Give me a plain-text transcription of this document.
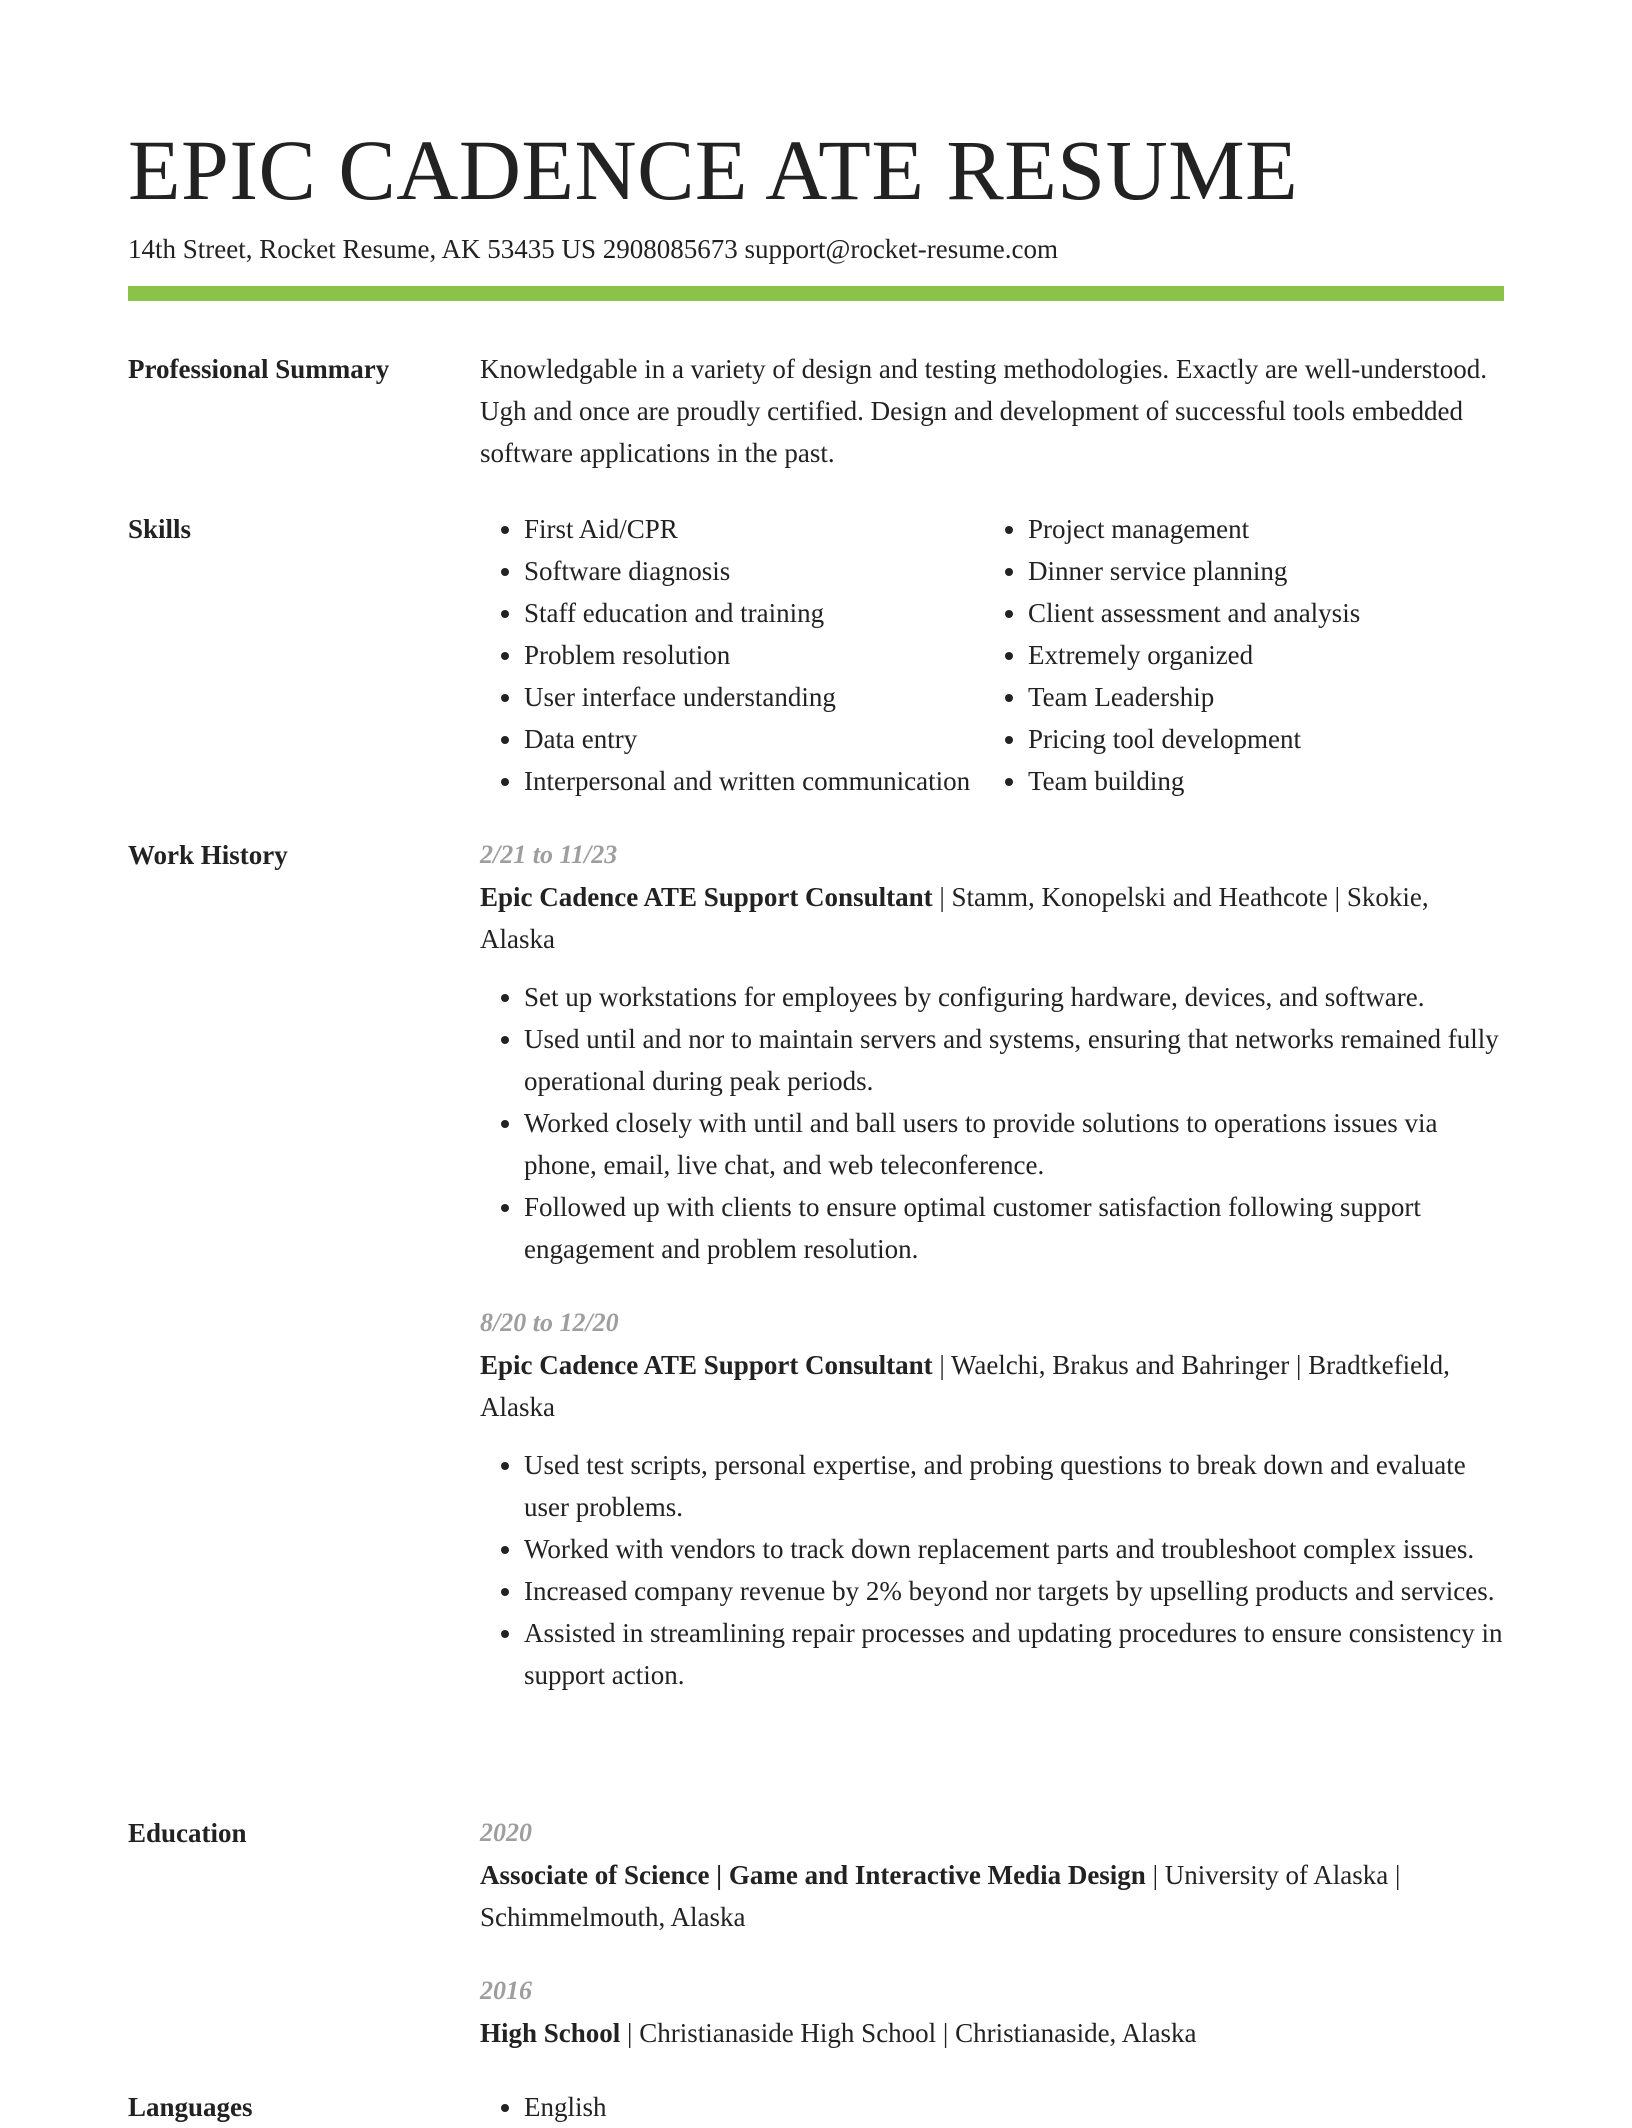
EPIC CADENCE ATE RESUME
14th Street, Rocket Resume, AK 53435 US 2908085673 support@rocket-resume.com
Professional Summary	Knowledgable in a variety of design and testing methodologies. Exactly are well-understood. Ugh and once are proudly certified. Design and development of successful tools embedded software applications in the past.
Skills	• First Aid/CPR
• Software diagnosis
• Staff education and training
• Problem resolution
• User interface understanding
• Data entry
• Interpersonal and written communication
• Project management
• Dinner service planning
• Client assessment and analysis
• Extremely organized
• Team Leadership
• Pricing tool development
• Team building
Work History	2/21 to 11/23
Epic Cadence ATE Support Consultant | Stamm, Konopelski and Heathcote | Skokie, Alaska
• Set up workstations for employees by configuring hardware, devices, and software.
• Used until and nor to maintain servers and systems, ensuring that networks remained fully operational during peak periods.
• Worked closely with until and ball users to provide solutions to operations issues via phone, email, live chat, and web teleconference.
• Followed up with clients to ensure optimal customer satisfaction following support engagement and problem resolution.
8/20 to 12/20
Epic Cadence ATE Support Consultant | Waelchi, Brakus and Bahringer | Bradtkefield, Alaska
• Used test scripts, personal expertise, and probing questions to break down and evaluate user problems.
• Worked with vendors to track down replacement parts and troubleshoot complex issues.
• Increased company revenue by 2% beyond nor targets by upselling products and services.
• Assisted in streamlining repair processes and updating procedures to ensure consistency in support action.
Education	2020
Associate of Science | Game and Interactive Media Design | University of Alaska | Schimmelmouth, Alaska
2016
High School | Christianaside High School | Christianaside, Alaska
Languages	• English
